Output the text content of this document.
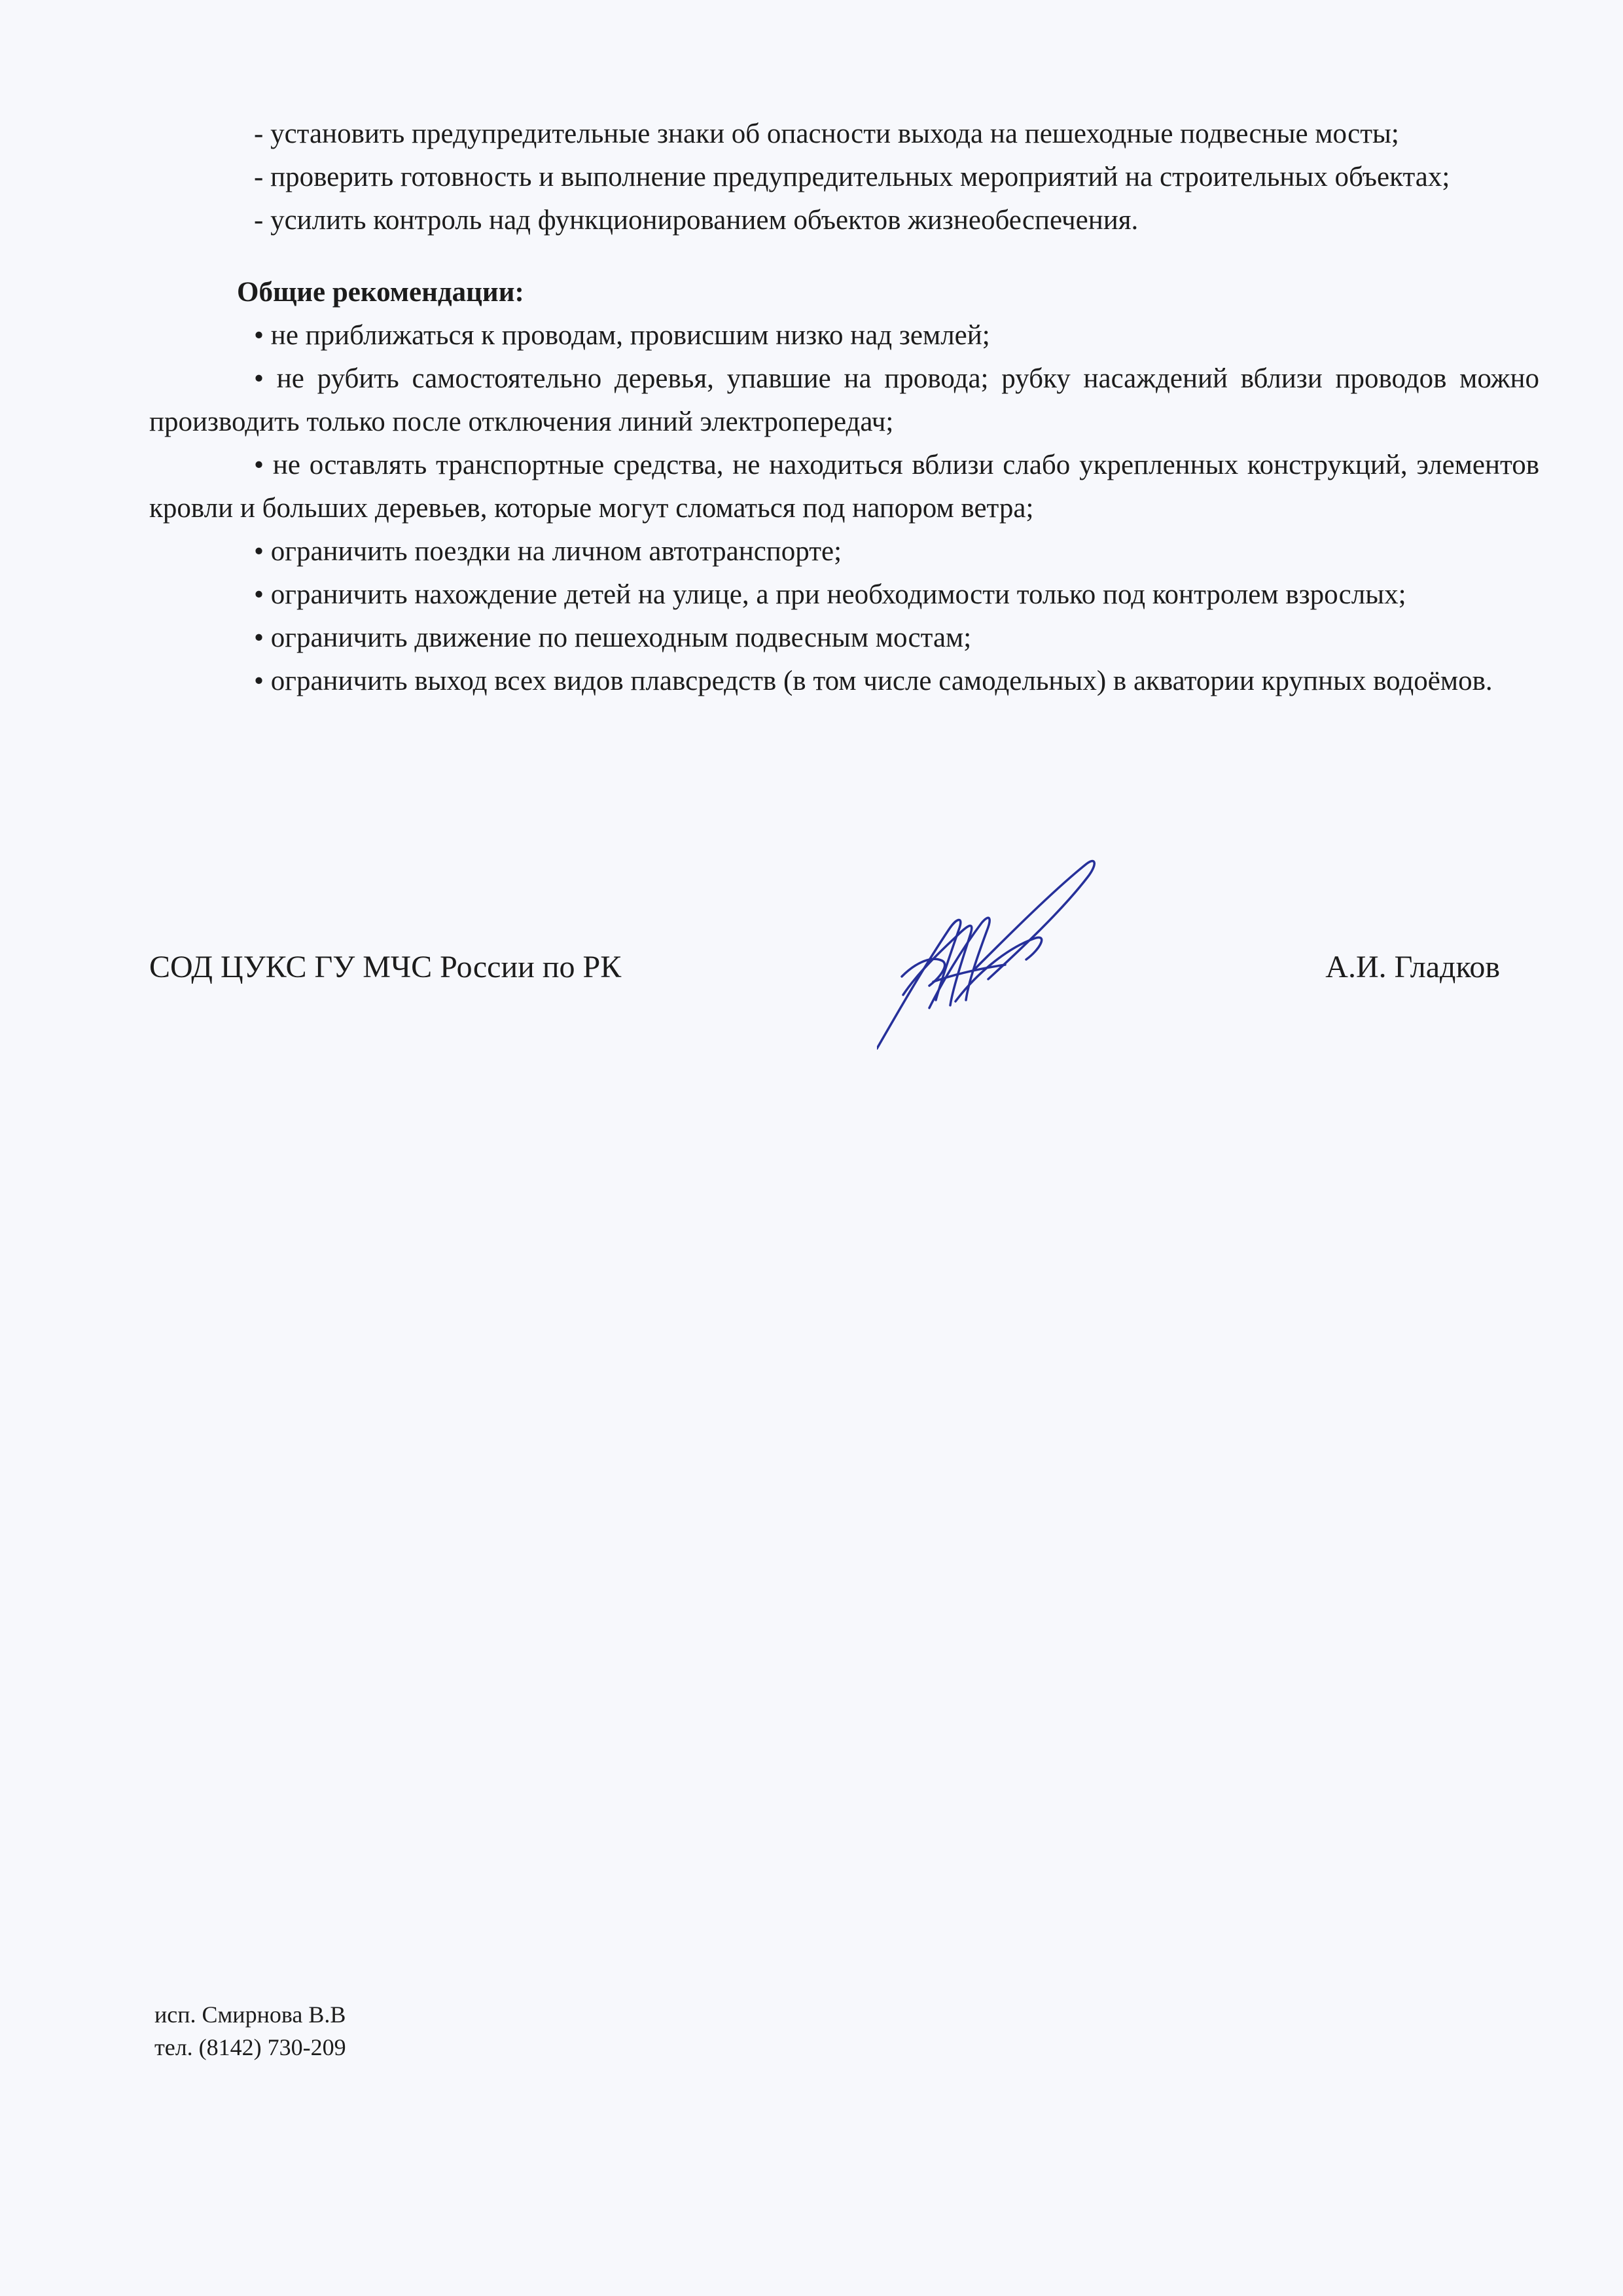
- установить предупредительные знаки об опасности выхода на пешеходные подвесные мосты;

- проверить готовность и выполнение предупредительных мероприятий на строительных объектах;

- усилить контроль над функционированием объектов жизнеобеспечения.

Общие рекомендации:

• не приближаться к проводам, провисшим низко над землей;

• не рубить самостоятельно деревья, упавшие на провода; рубку насаждений вблизи проводов можно производить только после отключения линий электропередач;

• не оставлять транспортные средства, не находиться вблизи слабо укрепленных конструкций, элементов кровли и больших деревьев, которые могут сломаться под напором ветра;

• ограничить поездки на личном автотранспорте;

• ограничить нахождение детей на улице, а при необходимости только под контролем взрослых;

• ограничить движение по пешеходным подвесным мостам;

• ограничить выход всех видов плавсредств (в том числе самодельных) в акватории крупных водоёмов.

СОД ЦУКС ГУ МЧС России по РК	А.И. Гладков

исп. Смирнова В.В

тел. (8142) 730-209
